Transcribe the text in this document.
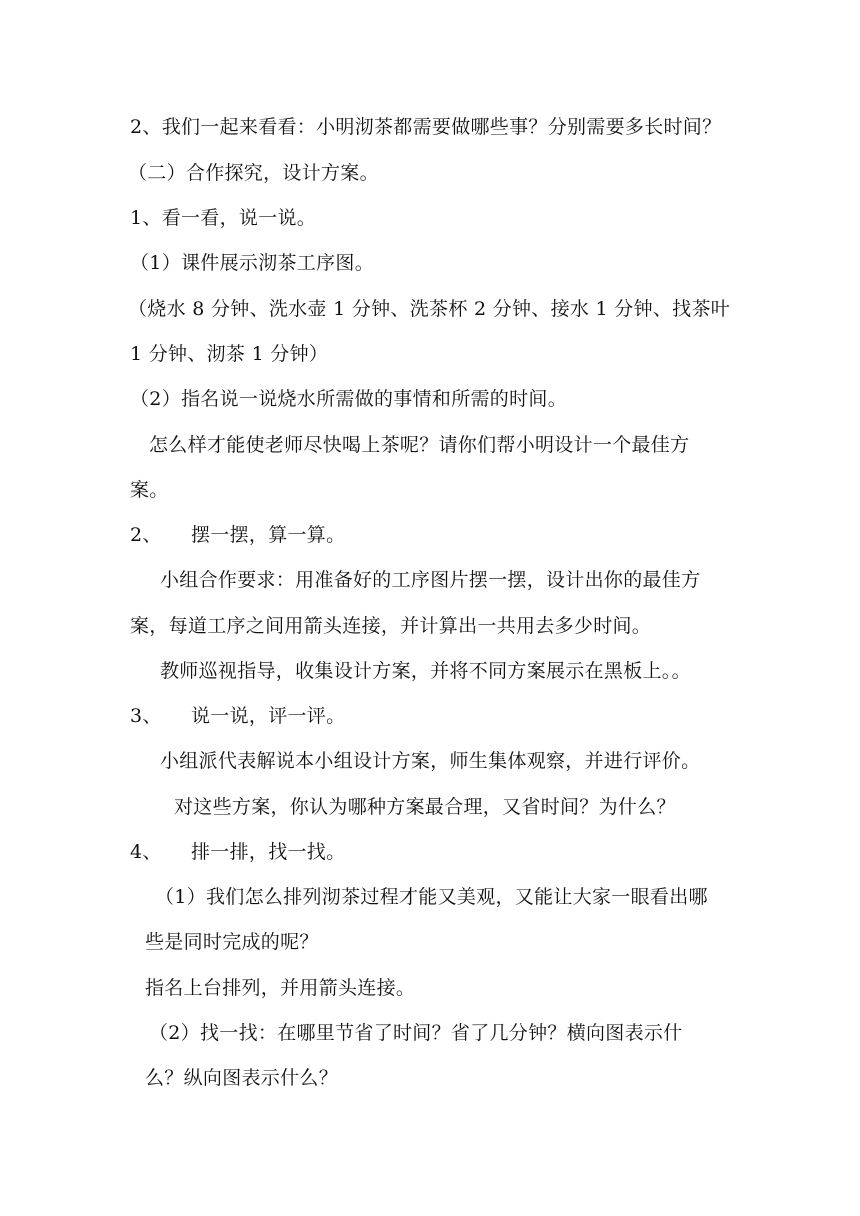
2、我们一起来看看：小明沏茶都需要做哪些事？分别需要多长时间？
（二）合作探究，设计方案。
1、看一看，说一说。
（1）课件展示沏茶工序图。
（烧水 8 分钟、洗水壶 1 分钟、洗茶杯 2 分钟、接水 1 分钟、找茶叶
1 分钟、沏茶 1 分钟）
（2）指名说一说烧水所需做的事情和所需的时间。
怎么样才能使老师尽快喝上茶呢？请你们帮小明设计一个最佳方
案。
2、 摆一摆，算一算。
小组合作要求：用准备好的工序图片摆一摆，设计出你的最佳方
案，每道工序之间用箭头连接，并计算出一共用去多少时间。
教师巡视指导，收集设计方案，并将不同方案展示在黑板上。。
3、 说一说，评一评。
小组派代表解说本小组设计方案，师生集体观察，并进行评价。
对这些方案，你认为哪种方案最合理，又省时间？为什么？
4、 排一排，找一找。
（1）我们怎么排列沏茶过程才能又美观，又能让大家一眼看出哪
些是同时完成的呢？
指名上台排列，并用箭头连接。
（2）找一找：在哪里节省了时间？省了几分钟？横向图表示什
么？纵向图表示什么？
